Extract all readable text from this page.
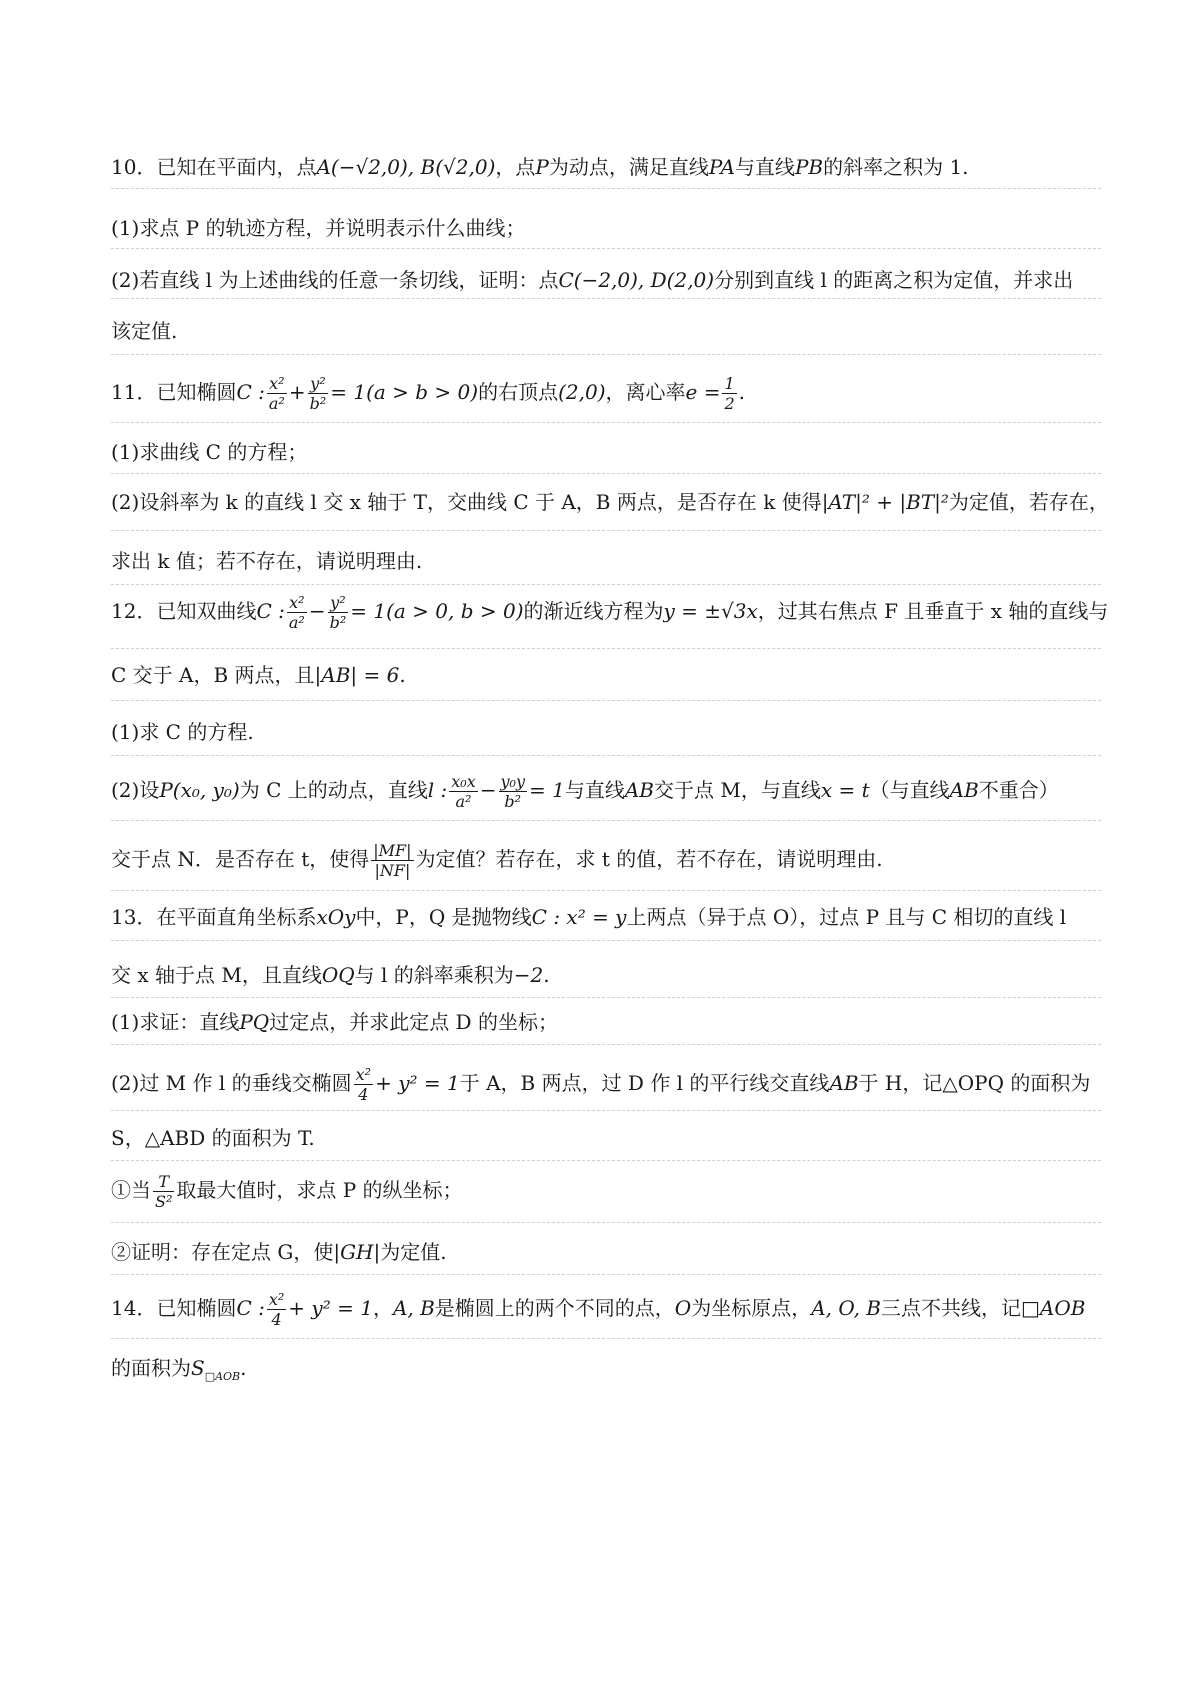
10．已知在平面内，点A(−√2,0), B(√2,0)，点P为动点，满足直线PA与直线PB的斜率之积为 1.
(1)求点 P 的轨迹方程，并说明表示什么曲线；
(2)若直线 l 为上述曲线的任意一条切线，证明：点C(−2,0), D(2,0)分别到直线 l 的距离之积为定值，并求出
该定值.
11．已知椭圆C : $\frac{\text{x²}}{\text{a²}} + \frac{\text{y²}}{\text{b²}} = 1(a > b > 0)$的右顶点(2,0)，离心率$e = \frac{1}{2}$ .
(1)求曲线 C 的方程；
(2)设斜率为 k 的直线 l 交 x 轴于 T，交曲线 C 于 A，B 两点，是否存在 k 使得|AT|² + |BT|²为定值，若存在，
求出 k 值；若不存在，请说明理由.
12．已知双曲线C : $\frac{\text{x²}}{\text{a²}} - \frac{\text{y²}}{\text{b²}} = 1(a > 0$, b > 0)的渐近线方程为y = ±√3x，过其右焦点 F 且垂直于 x 轴的直线与
C 交于 A，B 两点，且|AB| = 6.
(1)求 C 的方程.
(2)设P(x₀, y₀)为 C 上的动点，直线l : $\frac{\text{x₀x}}{\text{a²}} - \frac{\text{y₀y}}{\text{b²}} = 1$与直线AB交于点 M，与直线x = t（与直线AB不重合）
交于点 N．是否存在 t，使得 $\frac{|MF|}{|NF|}$ 为定值？若存在，求 t 的值，若不存在，请说明理由.
13．在平面直角坐标系xOy中，P，Q 是抛物线C : x² = y上两点（异于点 O），过点 P 且与 C 相切的直线 l
交 x 轴于点 M，且直线OQ与 l 的斜率乘积为−2.
(1)求证：直线PQ过定点，并求此定点 D 的坐标；
(2)过 M 作 l 的垂线交椭圆 $\frac{\text{x²}}{4} + y^2 = 1$于 A，B 两点，过 D 作 l 的平行线交直线AB于 H，记△OPQ 的面积为
S，△ABD 的面积为 T.
①当 $\frac{T}{\text{S²}}$ 取最大值时，求点 P 的纵坐标；
②证明：存在定点 G，使|GH|为定值.
14．已知椭圆C : $\frac{\text{x²}}{4} + y^2 = 1$，A, B是椭圆上的两个不同的点，O为坐标原点，A, O, B三点不共线，记□AOB
的面积为$S_{□AOB}$.
